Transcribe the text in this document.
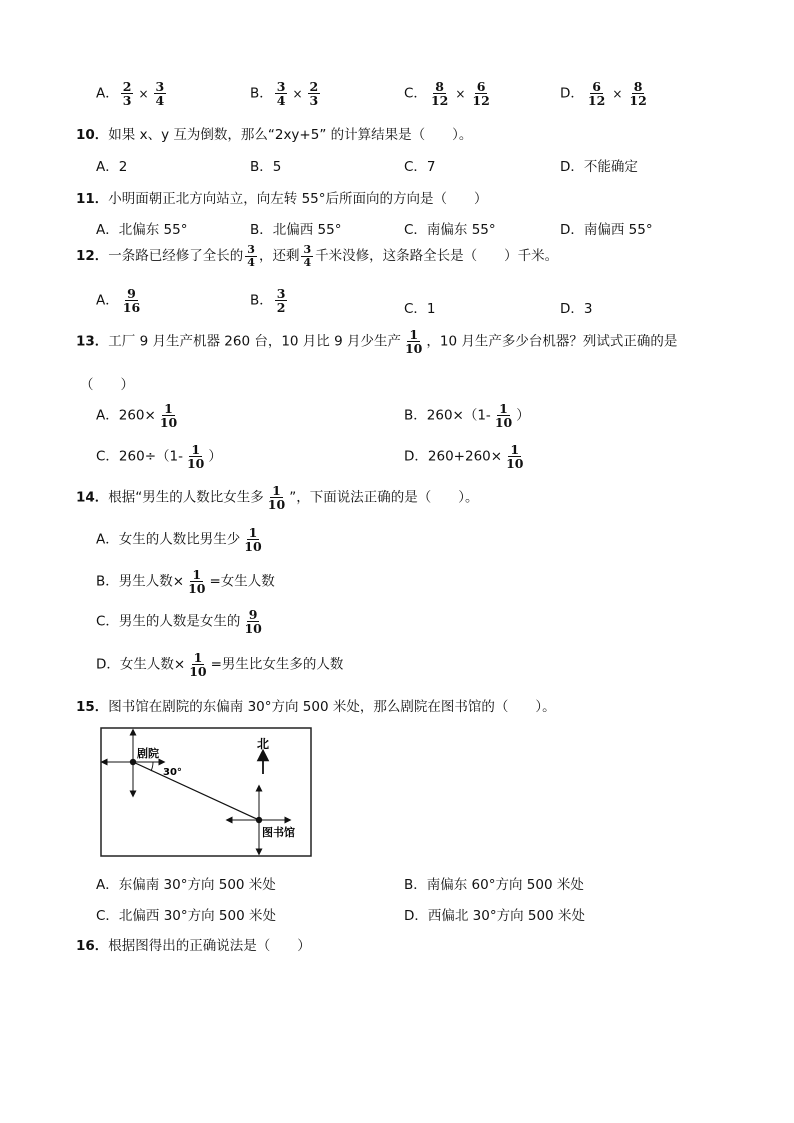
A． $\frac{2}{3} \times \frac{3}{4}$	B． $\frac{3}{4} \times \frac{2}{3}$	C． $\frac{8}{12} \times \frac{6}{12}$	D． $\frac{6}{12} \times \frac{8}{12}$
10．如果 x、y 互为倒数，那么“2xy+5” 的计算结果是（　　）。
A．2	B．5	C．7	D．不能确定
11．小明面朝正北方向站立，向左转 55°后所面向的方向是（　　）
A．北偏东 55°	B．北偏西 55°	C．南偏东 55°	D．南偏西 55°
12．一条路已经修了全长的 $\frac{3}{4}$ ，还剩 $\frac{3}{4}$ 千米没修，这条路全长是（　　）千米。
A． $\frac{9}{16}$	B． $\frac{3}{2}$	C．1	D．3
13．工厂 9 月生产机器 260 台，10 月比 9 月少生产 $\frac{1}{10}$ ，10 月生产多少台机器？列试式正确的是
（　　）
A．$260\times \frac{1}{10}$	B．$260\times(1- \frac{1}{10}$ ）
C．$260\div(1- \frac{1}{10}$ ）	D．$260+260\times \frac{1}{10}$
14．根据“男生的人数比女生多 $\frac{1}{10}$ ”，下面说法正确的是（　　）。
A．女生的人数比男生少 $\frac{1}{10}$
B．男生人数× $\frac{1}{10}$ =女生人数
C．男生的人数是女生的 $\frac{9}{10}$
D．女生人数× $\frac{1}{10}$ =男生比女生多的人数
15．图书馆在剧院的东偏南 30°方向 500 米处，那么剧院在图书馆的（　　）。
剧院
30°
图书馆
北
A．东偏南 30°方向 500 米处	B．南偏东 60°方向 500 米处
C．北偏西 30°方向 500 米处	D．西偏北 30°方向 500 米处
16．根据图得出的正确说法是（　　）
